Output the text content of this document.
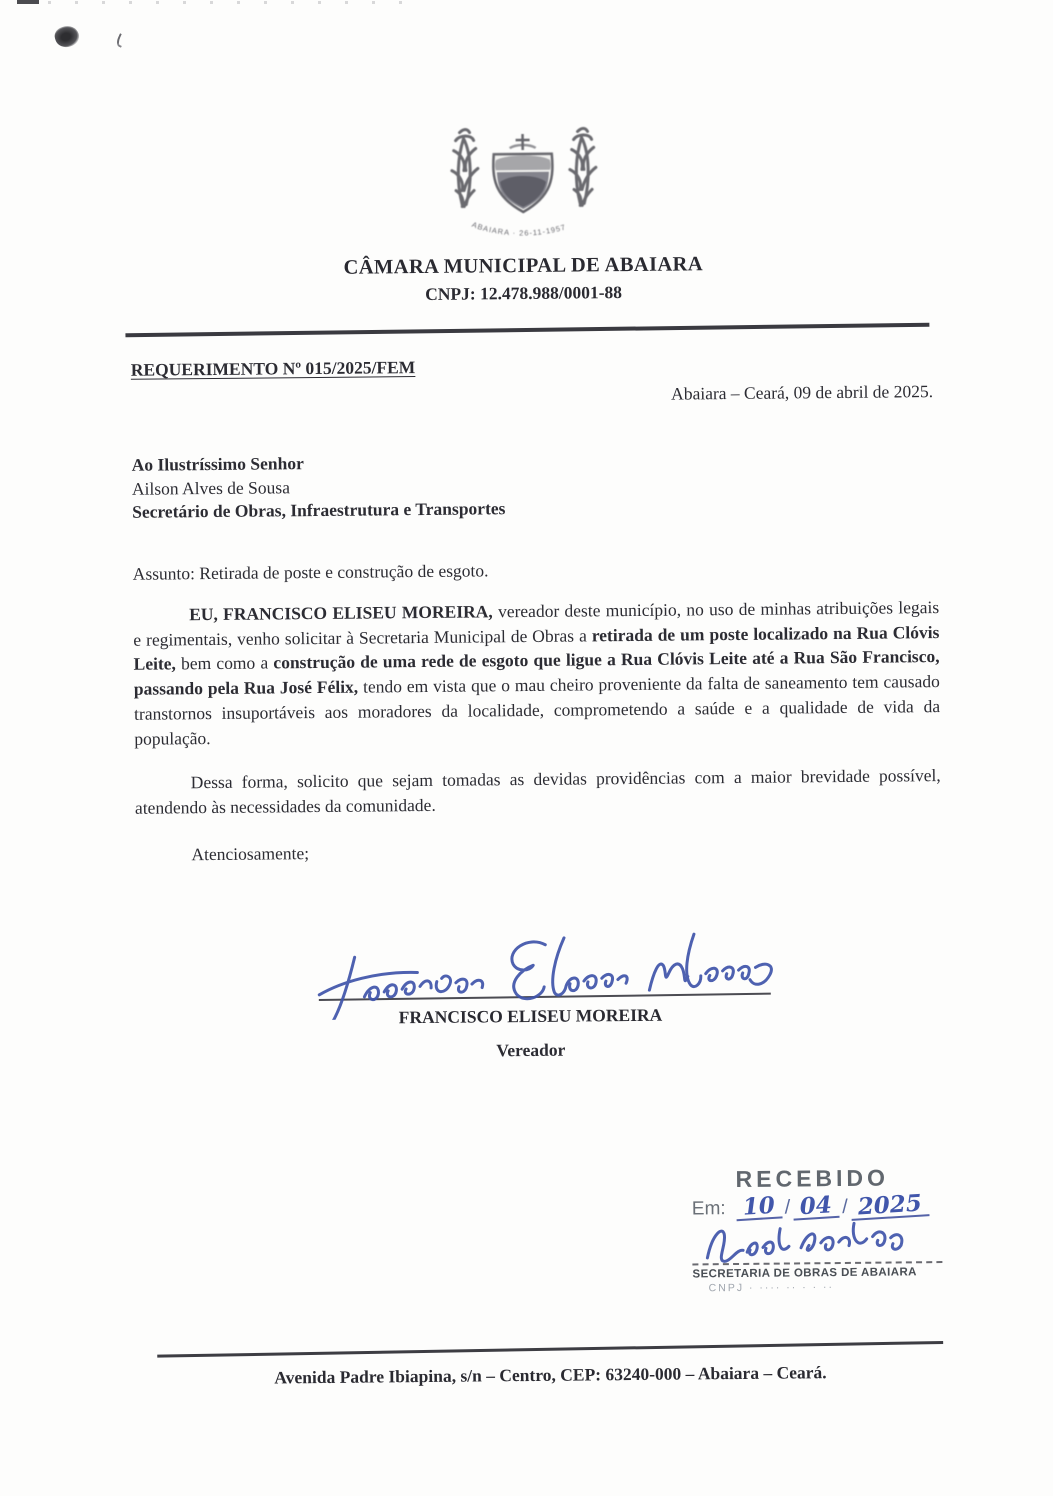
ABAIARA · 26-11-1957
CÂMARA MUNICIPAL DE ABAIARA
CNPJ: 12.478.988/0001-88
REQUERIMENTO Nº 015/2025/FEM
Abaiara – Ceará, 09 de abril de 2025.
Ao Ilustríssimo Senhor
Ailson Alves de Sousa
Secretário de Obras, Infraestrutura e Transportes
Assunto: Retirada de poste e construção de esgoto.

EU, FRANCISCO ELISEU MOREIRA, vereador deste município, no uso de minhas atribuições legais e regimentais, venho solicitar à Secretaria Municipal de Obras a retirada de um poste localizado na Rua Clóvis Leite, bem como a construção de uma rede de esgoto que ligue a Rua Clóvis Leite até a Rua São Francisco, passando pela Rua José Félix, tendo em vista que o mau cheiro proveniente da falta de saneamento tem causado transtornos insuportáveis aos moradores da localidade, comprometendo a saúde e a qualidade de vida da população.

Dessa forma, solicito que sejam tomadas as devidas providências com a maior brevidade possível, atendendo às necessidades da comunidade.

Atenciosamente;
FRANCISCO ELISEU MOREIRA
Vereador
RECEBIDO
Em: 10 / 04 / 2025
SECRETARIA DE OBRAS DE ABAIARA
CNPJ · ···· ·· · · ··
Avenida Padre Ibiapina, s/n – Centro, CEP: 63240-000 – Abaiara – Ceará.
